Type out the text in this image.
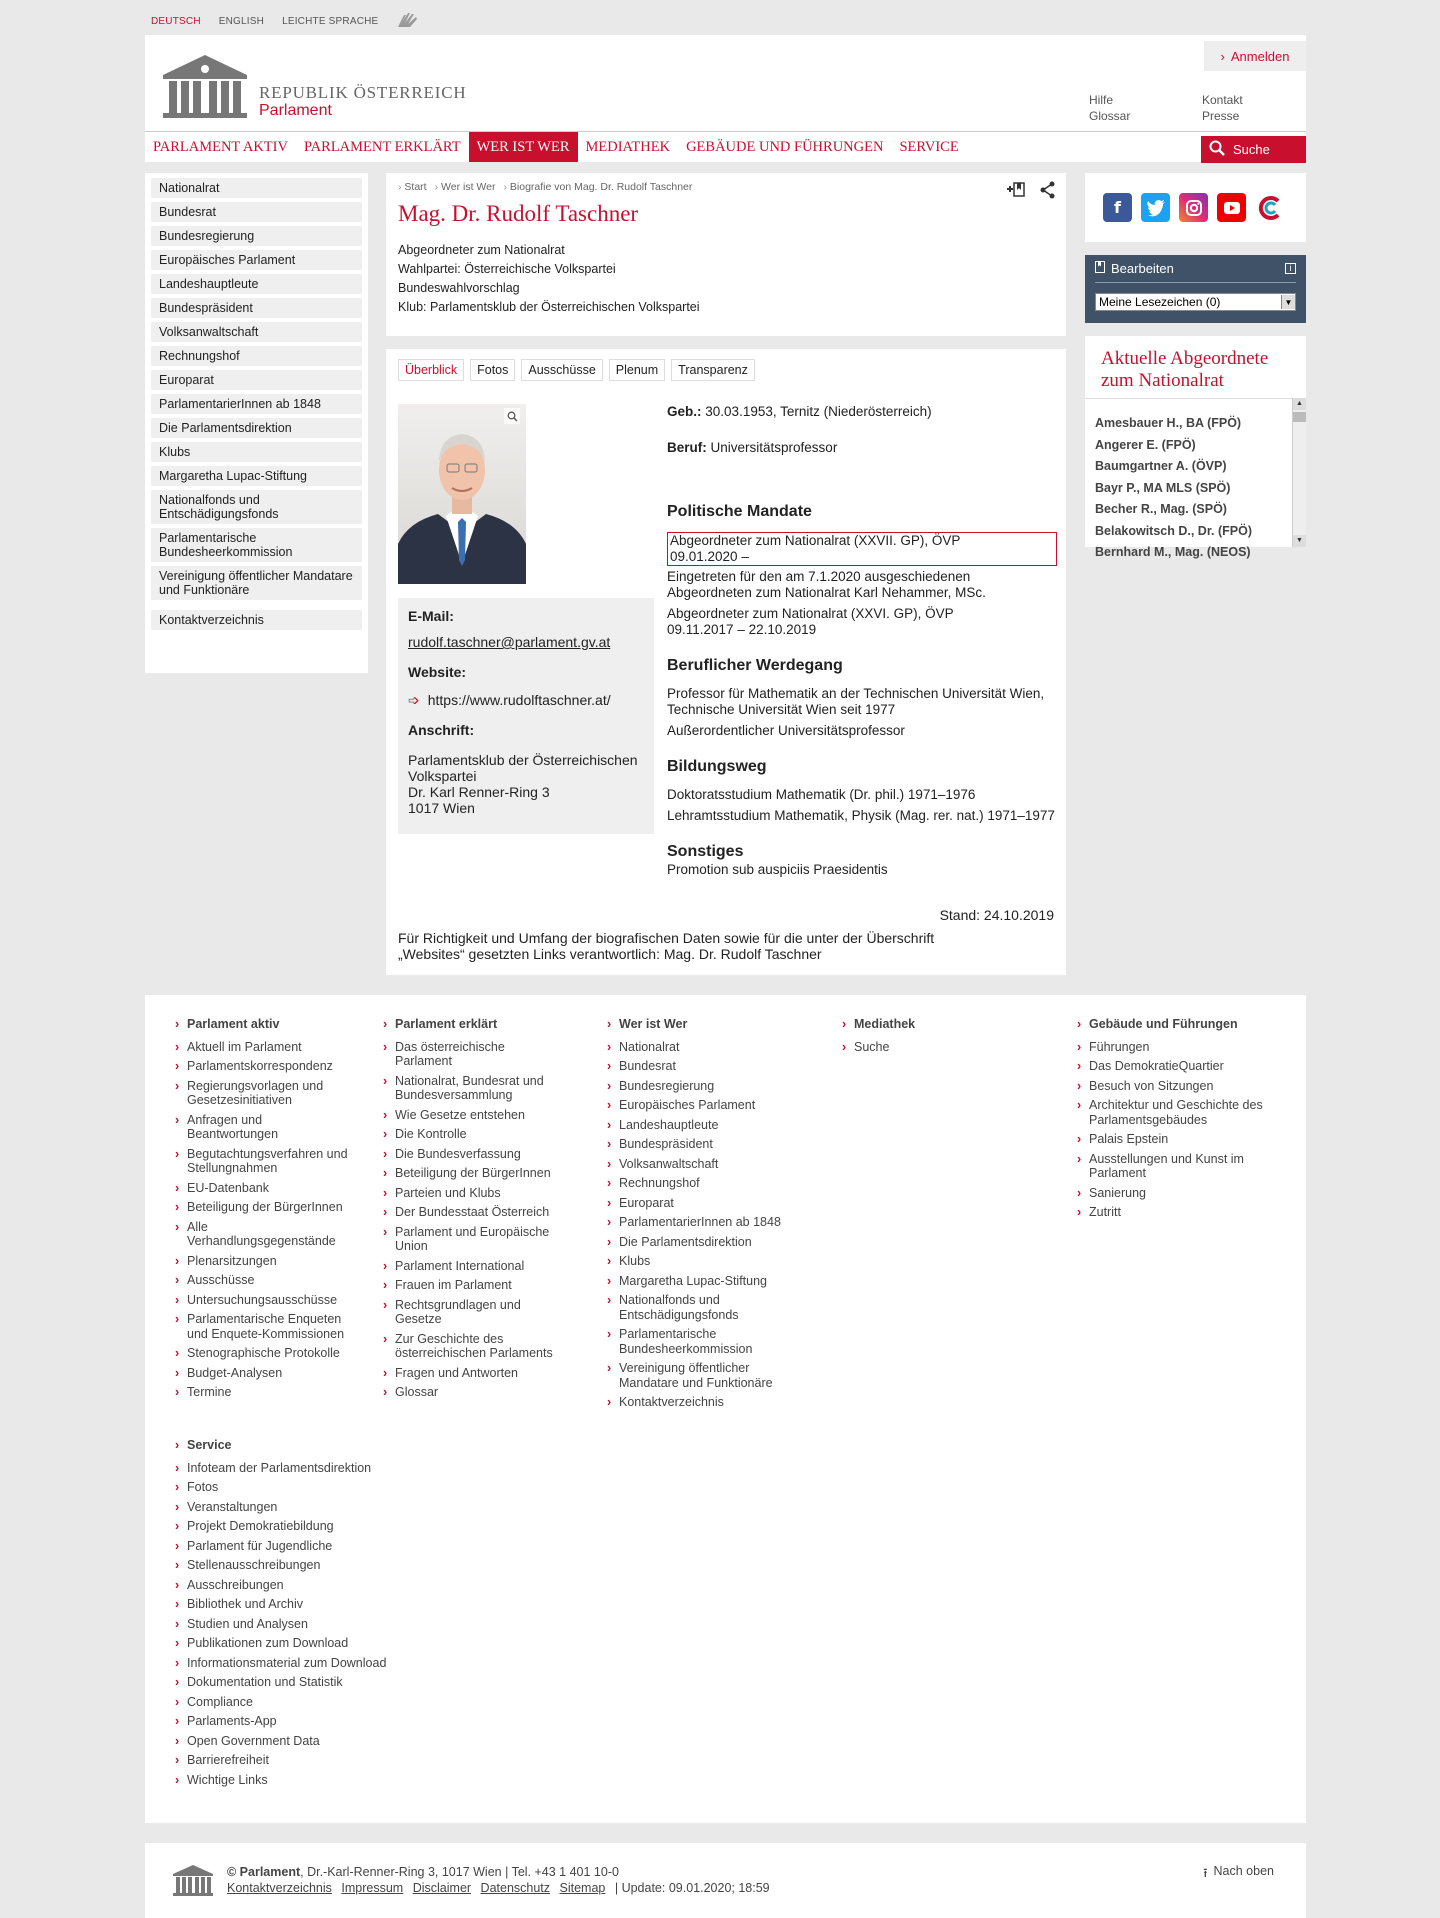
DEUTSCH ENGLISH LEICHTE SPRACHE
REPUBLIK ÖSTERREICH
Parlament
› Anmelden
Hilfe
Glossar
Kontakt
Presse
PARLAMENT AKTIV	PARLAMENT ERKLÄRT	WER IST WER	MEDIATHEK	GEBÄUDE UND FÜHRUNGEN	SERVICE	Suche
Nationalrat
Bundesrat
Bundesregierung
Europäisches Parlament
Landeshauptleute
Bundespräsident
Volksanwaltschaft
Rechnungshof
Europarat
ParlamentarierInnen ab 1848
Die Parlamentsdirektion
Klubs
Margaretha Lupac-Stiftung
Nationalfonds und Entschädigungsfonds
Parlamentarische Bundesheerkommission
Vereinigung öffentlicher Mandatare und Funktionäre
Kontaktverzeichnis
› Start	› Wer ist Wer	› Biografie von Mag. Dr. Rudolf Taschner
Mag. Dr. Rudolf Taschner
Abgeordneter zum Nationalrat
Wahlpartei: Österreichische Volkspartei
Bundeswahlvorschlag
Klub: Parlamentsklub der Österreichischen Volkspartei
Überblick	Fotos	Ausschüsse	Plenum	Transparenz
E-Mail:
rudolf.taschner@parlament.gv.at
Website:
➩ https://www.rudolftaschner.at/
Anschrift:
Parlamentsklub der Österreichischen Volkspartei
Dr. Karl Renner-Ring 3
1017 Wien

Geb.: 30.03.1953, Ternitz (Niederösterreich)

Beruf: Universitätsprofessor

Politische Mandate
Abgeordneter zum Nationalrat (XXVII. GP), ÖVP
09.01.2020 –

Eingetreten für den am 7.1.2020 ausgeschiedenen Abgeordneten zum Nationalrat Karl Nehammer, MSc.

Abgeordneter zum Nationalrat (XXVI. GP), ÖVP
09.11.2017 – 22.10.2019

Beruflicher Werdegang

Professor für Mathematik an der Technischen Universität Wien, Technische Universität Wien seit 1977

Außerordentlicher Universitätsprofessor

Bildungsweg

Doktoratsstudium Mathematik (Dr. phil.) 1971–1976

Lehramtsstudium Mathematik, Physik (Mag. rer. nat.) 1971–1977

Sonstiges

Promotion sub auspiciis Praesidentis

Stand: 24.10.2019
Für Richtigkeit und Umfang der biografischen Daten sowie für die unter der Überschrift „Websites“ gesetzten Links verantwortlich: Mag. Dr. Rudolf Taschner
f
Bearbeiten	i
Meine Lesezeichen (0)	▼
Aktuelle Abgeordnete zum Nationalrat
Amesbauer H., BA (FPÖ)
Angerer E. (FPÖ)
Baumgartner A. (ÖVP)
Bayr P., MA MLS (SPÖ)
Becher R., Mag. (SPÖ)
Belakowitsch D., Dr. (FPÖ)
Bernhard M., Mag. (NEOS)
▲
▼
› Parlament aktiv
› Aktuell im Parlament
› Parlamentskorrespondenz
› Regierungsvorlagen und Gesetzesinitiativen
› Anfragen und Beantwortungen
› Begutachtungsverfahren und Stellungnahmen
› EU-Datenbank
› Beteiligung der BürgerInnen
› Alle Verhandlungsgegenstände
› Plenarsitzungen
› Ausschüsse
› Untersuchungsausschüsse
› Parlamentarische Enqueten und Enquete-Kommissionen
› Stenographische Protokolle
› Budget-Analysen
› Termine
› Parlament erklärt
› Das österreichische Parlament
› Nationalrat, Bundesrat und Bundesversammlung
› Wie Gesetze entstehen
› Die Kontrolle
› Die Bundesverfassung
› Beteiligung der BürgerInnen
› Parteien und Klubs
› Der Bundesstaat Österreich
› Parlament und Europäische Union
› Parlament International
› Frauen im Parlament
› Rechtsgrundlagen und Gesetze
› Zur Geschichte des österreichischen Parlaments
› Fragen und Antworten
› Glossar
› Wer ist Wer
› Nationalrat
› Bundesrat
› Bundesregierung
› Europäisches Parlament
› Landeshauptleute
› Bundespräsident
› Volksanwaltschaft
› Rechnungshof
› Europarat
› ParlamentarierInnen ab 1848
› Die Parlamentsdirektion
› Klubs
› Margaretha Lupac-Stiftung
› Nationalfonds und Entschädigungsfonds
› Parlamentarische Bundesheerkommission
› Vereinigung öffentlicher Mandatare und Funktionäre
› Kontaktverzeichnis
› Mediathek
› Suche
› Gebäude und Führungen
› Führungen
› Das DemokratieQuartier
› Besuch von Sitzungen
› Architektur und Geschichte des Parlamentsgebäudes
› Palais Epstein
› Ausstellungen und Kunst im Parlament
› Sanierung
› Zutritt
› Service
› Infoteam der Parlamentsdirektion
› Fotos
› Veranstaltungen
› Projekt Demokratiebildung
› Parlament für Jugendliche
› Stellenausschreibungen
› Ausschreibungen
› Bibliothek und Archiv
› Studien und Analysen
› Publikationen zum Download
› Informationsmaterial zum Download
› Dokumentation und Statistik
› Compliance
› Parlaments-App
› Open Government Data
› Barrierefreiheit
› Wichtige Links
© Parlament, Dr.-Karl-Renner-Ring 3, 1017 Wien | Tel. +43 1 401 10-0
Kontaktverzeichnis Impressum Disclaimer Datenschutz Sitemap | Update: 09.01.2020; 18:59
⭱ Nach oben
